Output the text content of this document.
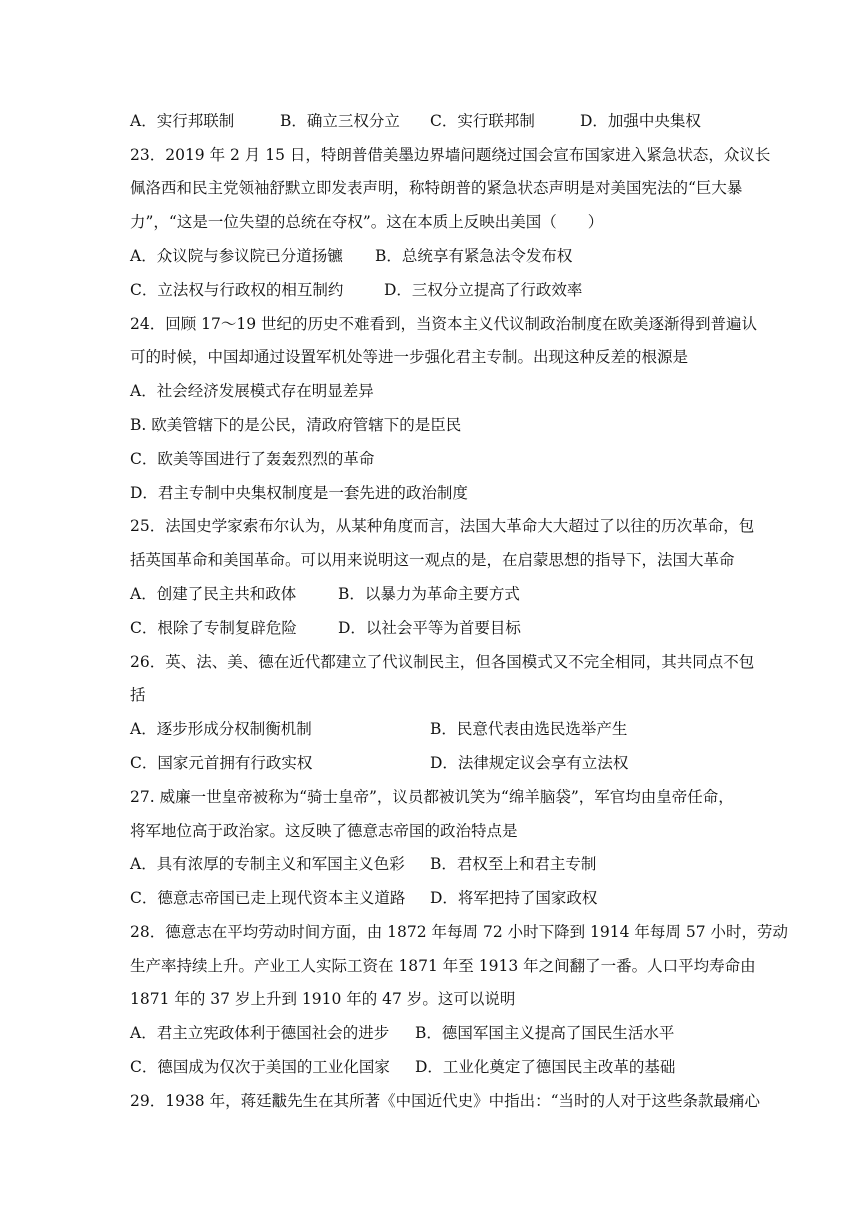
A．实行邦联制	B．确立三权分立 C．实行联邦制	D．加强中央集权
23．2019 年 2 月 15 日，特朗普借美墨边界墙问题绕过国会宣布国家进入紧急状态，众议长
佩洛西和民主党领袖舒默立即发表声明，称特朗普的紧急状态声明是对美国宪法的“巨大暴
力”，“这是一位失望的总统在夺权”。这在本质上反映出美国（　　）
A．众议院与参议院已分道扬镳 B．总统享有紧急法令发布权
C．立法权与行政权的相互制约	D．三权分立提高了行政效率
24．回顾 17～19 世纪的历史不难看到，当资本主义代议制政治制度在欧美逐渐得到普遍认
可的时候，中国却通过设置军机处等进一步强化君主专制。出现这种反差的根源是
A．社会经济发展模式存在明显差异
B. 欧美管辖下的是公民，清政府管辖下的是臣民
C．欧美等国进行了轰轰烈烈的革命
D．君主专制中央集权制度是一套先进的政治制度
25．法国史学家索布尔认为，从某种角度而言，法国大革命大大超过了以往的历次革命，包
括英国革命和美国革命。可以用来说明这一观点的是，在启蒙思想的指导下，法国大革命
A．创建了民主共和政体	B．以暴力为革命主要方式
C．根除了专制复辟危险	D．以社会平等为首要目标
26．英、法、美、德在近代都建立了代议制民主，但各国模式又不完全相同，其共同点不包
括
A．逐步形成分权制衡机制	B．民意代表由选民选举产生
C．国家元首拥有行政实权	D．法律规定议会享有立法权
27. 威廉一世皇帝被称为“骑士皇帝”，议员都被讥笑为“绵羊脑袋”，军官均由皇帝任命，
将军地位高于政治家。这反映了德意志帝国的政治特点是
A．具有浓厚的专制主义和军国主义色彩 B．君权至上和君主专制
C．德意志帝国已走上现代资本主义道路 D．将军把持了国家政权
28．德意志在平均劳动时间方面，由 1872 年每周 72 小时下降到 1914 年每周 57 小时，劳动
生产率持续上升。产业工人实际工资在 1871 年至 1913 年之间翻了一番。人口平均寿命由
1871 年的 37 岁上升到 1910 年的 47 岁。这可以说明
A．君主立宪政体利于德国社会的进步 B．德国军国主义提高了国民生活水平
C．德国成为仅次于美国的工业化国家 D．工业化奠定了德国民主改革的基础
29．1938 年，蒋廷黻先生在其所著《中国近代史》中指出：“当时的人对于这些条款最痛心
